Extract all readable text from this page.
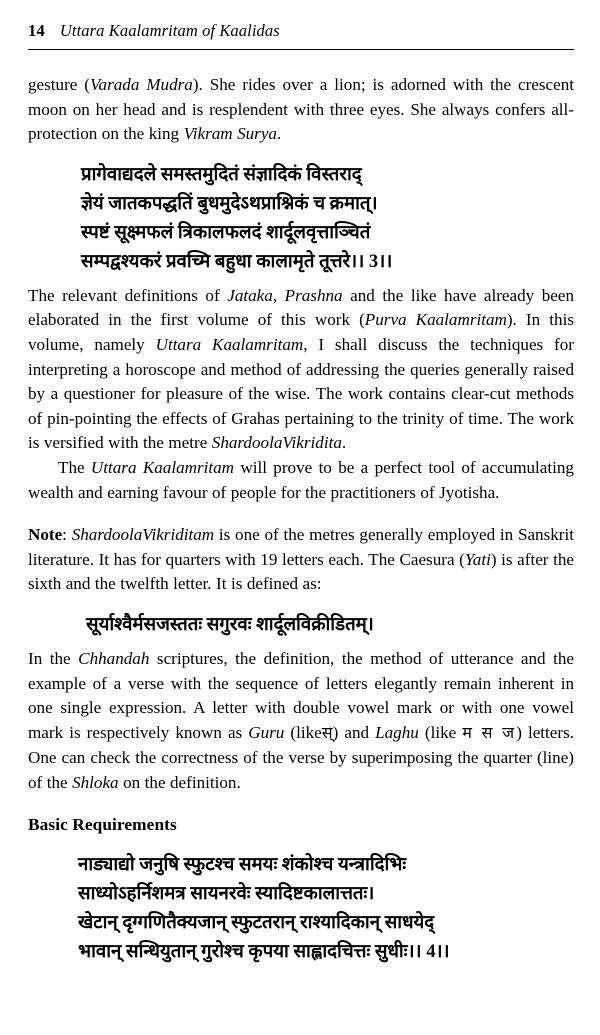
14 Uttara Kaalamritam of Kaalidas

gesture (Varada Mudra). She rides over a lion; is adorned with the crescent moon on her head and is resplendent with three eyes. She always confers all-protection on the king Vikram Surya.

प्रागेवाद्यदले समस्तमुदितं संज्ञादिकं विस्तराद्
ज्ञेयं जातकपद्धतिं बुधमुदेऽथप्राश्निकं च क्रमात्।
स्पष्टं सूक्ष्मफलं त्रिकालफलदं शार्दूलवृत्ताञ्चितं
सम्पद्वश्यकरं प्रवच्मि बहुधा कालामृते तूत्तरे।। 3।।

The relevant definitions of Jataka, Prashna and the like have already been elaborated in the first volume of this work (Purva Kaalamritam). In this volume, namely Uttara Kaalamritam, I shall discuss the techniques for interpreting a horoscope and method of addressing the queries generally raised by a questioner for pleasure of the wise. The work contains clear-cut methods of pin-pointing the effects of Grahas pertaining to the trinity of time. The work is versified with the metre ShardoolaVikridita.

The Uttara Kaalamritam will prove to be a perfect tool of accumulating wealth and earning favour of people for the practitioners of Jyotisha.

Note: ShardoolaVikriditam is one of the metres generally employed in Sanskrit literature. It has for quarters with 19 letters each. The Caesura (Yati) is after the sixth and the twelfth letter. It is defined as:

सूर्याश्वैर्मसजस्ततः सगुरवः शार्दूलविक्रीडितम्।

In the Chhandah scriptures, the definition, the method of utterance and the example of a verse with the sequence of letters elegantly remain inherent in one single expression. A letter with double vowel mark or with one vowel mark is respectively known as Guru (likeस्) and Laghu (like म स ज) letters. One can check the correctness of the verse by superimposing the quarter (line) of the Shloka on the definition.

Basic Requirements
नाड्याद्यो जनुषि स्फुटश्च समयः शंकोश्च यन्त्रादिभिः
साध्योऽहर्निशमत्र सायनरवेः स्यादिष्टकालात्ततः।
खेटान् दृग्गणितैक्यजान् स्फुटतरान् राश्यादिकान् साधयेद्
भावान् सन्धियुतान् गुरोश्च कृपया साह्लादचित्तः सुधीः।। 4।।
